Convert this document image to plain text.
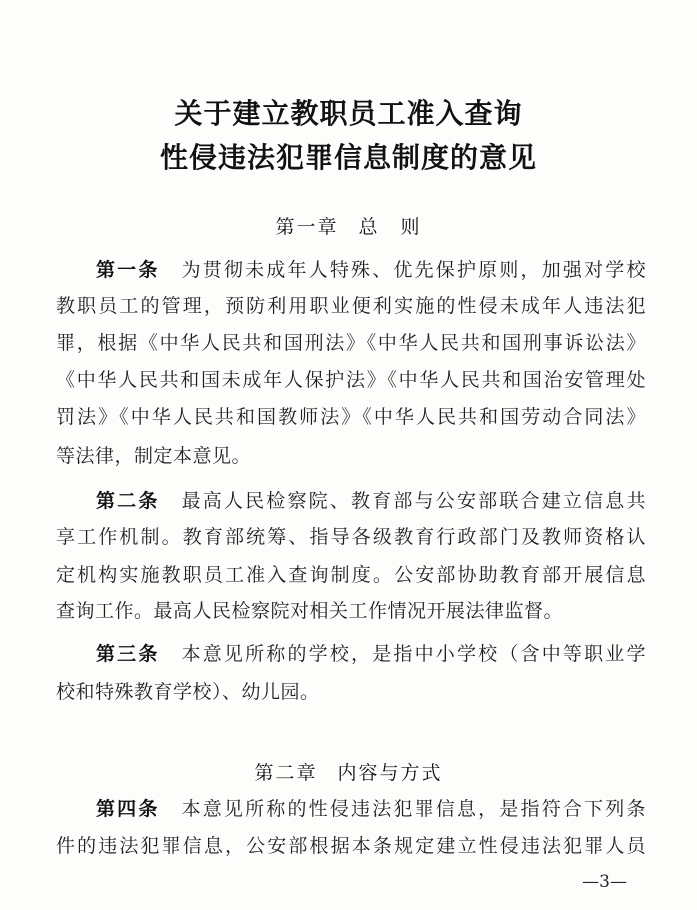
关于建立教职员工准入查询
性侵违法犯罪信息制度的意见
第一章 总　则
第一条 为贯彻未成年人特殊、优先保护原则，加强对学校
教职员工的管理，预防利用职业便利实施的性侵未成年人违法犯
罪，根据《中华人民共和国刑法》《中华人民共和国刑事诉讼法》
《中华人民共和国未成年人保护法》《中华人民共和国治安管理处
罚法》《中华人民共和国教师法》《中华人民共和国劳动合同法》
等法律，制定本意见。
第二条 最高人民检察院、教育部与公安部联合建立信息共
享工作机制。教育部统筹、指导各级教育行政部门及教师资格认
定机构实施教职员工准入查询制度。公安部协助教育部开展信息
查询工作。最高人民检察院对相关工作情况开展法律监督。
第三条 本意见所称的学校，是指中小学校（含中等职业学
校和特殊教育学校）、幼儿园。
第二章 内容与方式
第四条 本意见所称的性侵违法犯罪信息，是指符合下列条
件的违法犯罪信息，公安部根据本条规定建立性侵违法犯罪人员
—3—
